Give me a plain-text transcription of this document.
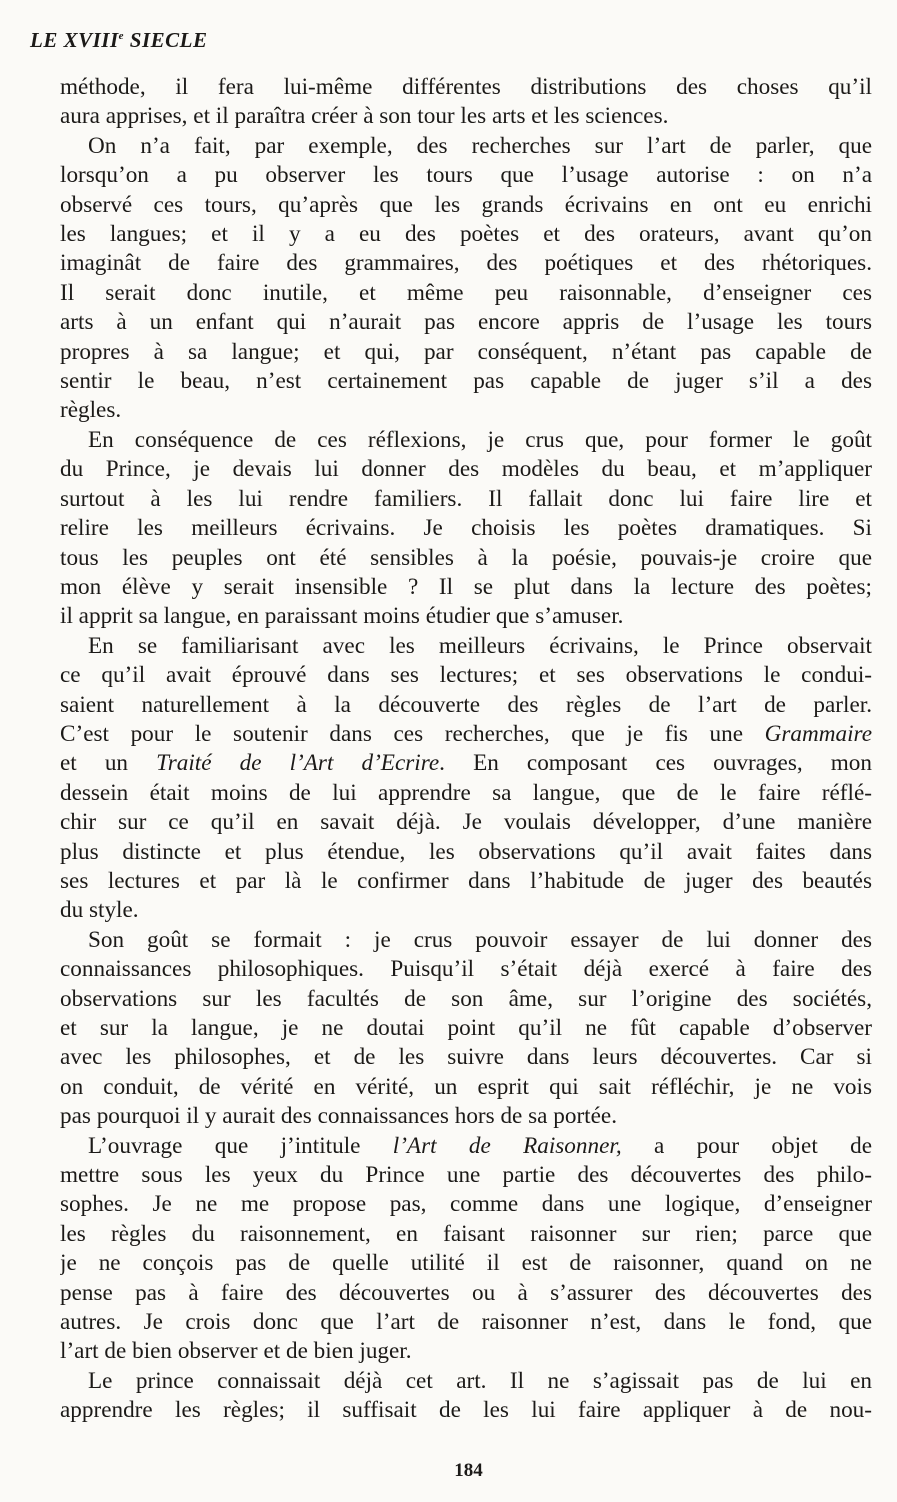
LE XVIIIe SIECLE
méthode, il fera lui-même différentes distributions des choses qu’il
aura apprises, et il paraîtra créer à son tour les arts et les sciences.
On n’a fait, par exemple, des recherches sur l’art de parler, que
lorsqu’on a pu observer les tours que l’usage autorise : on n’a
observé ces tours, qu’après que les grands écrivains en ont eu enrichi
les langues; et il y a eu des poètes et des orateurs, avant qu’on
imaginât de faire des grammaires, des poétiques et des rhétoriques.
Il serait donc inutile, et même peu raisonnable, d’enseigner ces
arts à un enfant qui n’aurait pas encore appris de l’usage les tours
propres à sa langue; et qui, par conséquent, n’étant pas capable de
sentir le beau, n’est certainement pas capable de juger s’il a des
règles.
En conséquence de ces réflexions, je crus que, pour former le goût
du Prince, je devais lui donner des modèles du beau, et m’appliquer
surtout à les lui rendre familiers. Il fallait donc lui faire lire et
relire les meilleurs écrivains. Je choisis les poètes dramatiques. Si
tous les peuples ont été sensibles à la poésie, pouvais-je croire que
mon élève y serait insensible ? Il se plut dans la lecture des poètes;
il apprit sa langue, en paraissant moins étudier que s’amuser.
En se familiarisant avec les meilleurs écrivains, le Prince observait
ce qu’il avait éprouvé dans ses lectures; et ses observations le condui-
saient naturellement à la découverte des règles de l’art de parler.
C’est pour le soutenir dans ces recherches, que je fis une Grammaire
et un Traité de l’Art d’Ecrire. En composant ces ouvrages, mon
dessein était moins de lui apprendre sa langue, que de le faire réflé-
chir sur ce qu’il en savait déjà. Je voulais développer, d’une manière
plus distincte et plus étendue, les observations qu’il avait faites dans
ses lectures et par là le confirmer dans l’habitude de juger des beautés
du style.
Son goût se formait : je crus pouvoir essayer de lui donner des
connaissances philosophiques. Puisqu’il s’était déjà exercé à faire des
observations sur les facultés de son âme, sur l’origine des sociétés,
et sur la langue, je ne doutai point qu’il ne fût capable d’observer
avec les philosophes, et de les suivre dans leurs découvertes. Car si
on conduit, de vérité en vérité, un esprit qui sait réfléchir, je ne vois
pas pourquoi il y aurait des connaissances hors de sa portée.
L’ouvrage que j’intitule l’Art de Raisonner, a pour objet de
mettre sous les yeux du Prince une partie des découvertes des philo-
sophes. Je ne me propose pas, comme dans une logique, d’enseigner
les règles du raisonnement, en faisant raisonner sur rien; parce que
je ne conçois pas de quelle utilité il est de raisonner, quand on ne
pense pas à faire des découvertes ou à s’assurer des découvertes des
autres. Je crois donc que l’art de raisonner n’est, dans le fond, que
l’art de bien observer et de bien juger.
Le prince connaissait déjà cet art. Il ne s’agissait pas de lui en
apprendre les règles; il suffisait de les lui faire appliquer à de nou-
184
